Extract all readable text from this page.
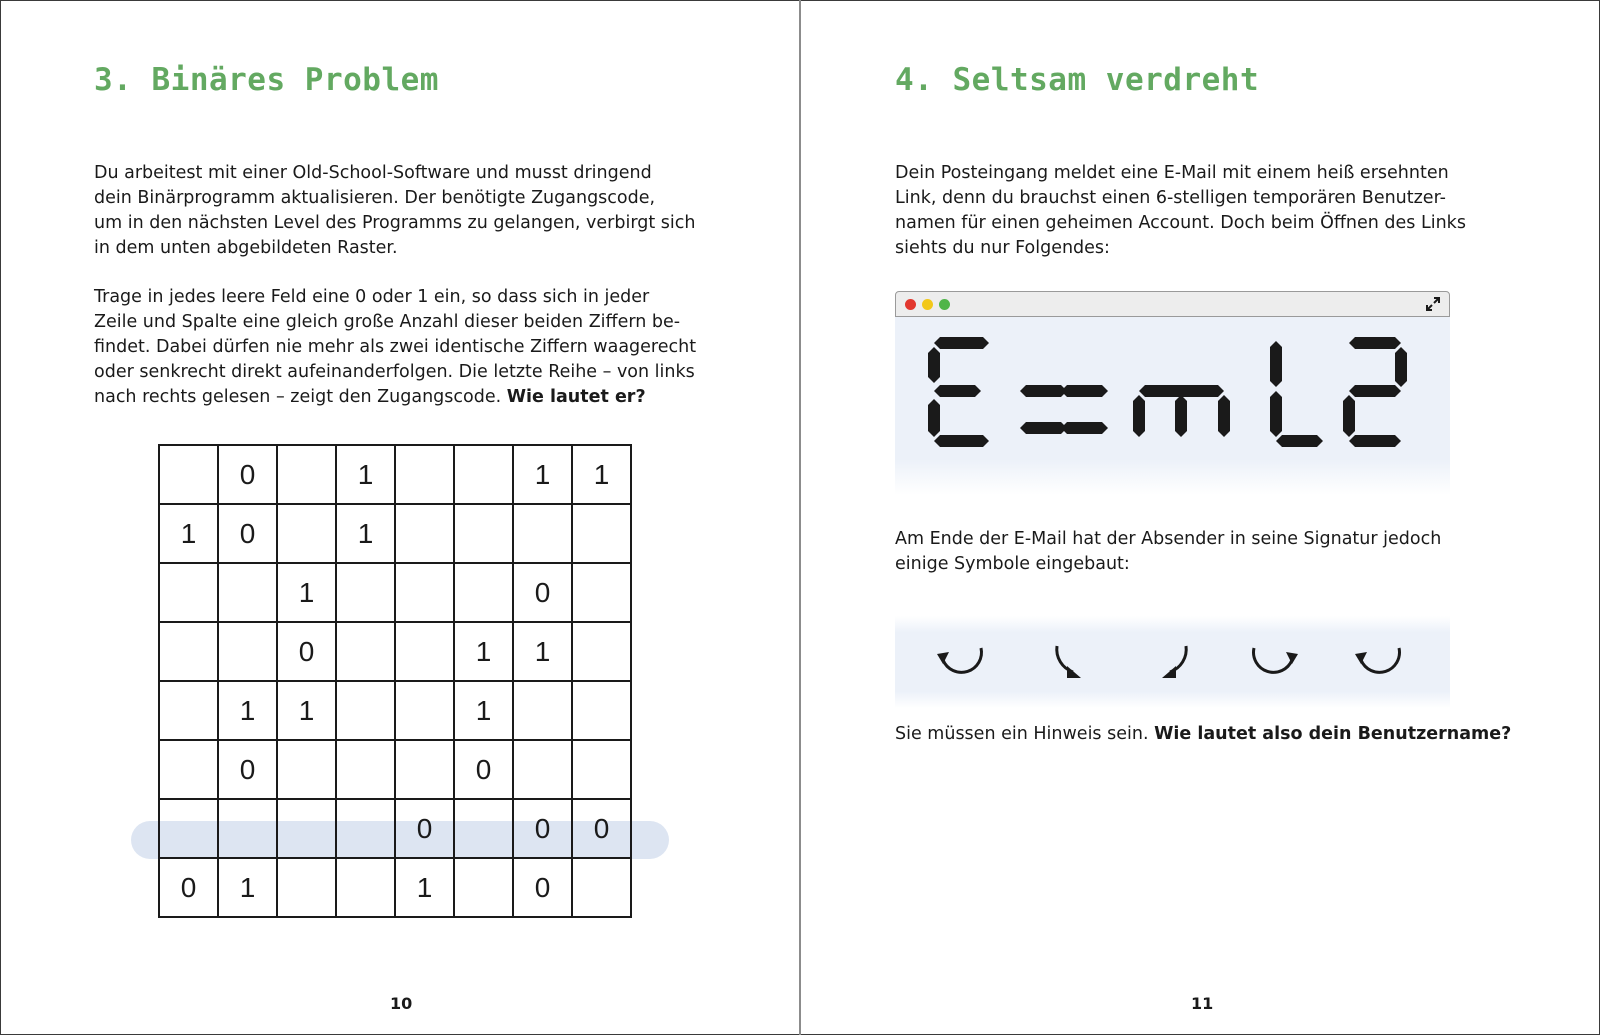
3. Binäres Problem

Du arbeitest mit einer Old-School-Software und musst dringend
dein Binärprogramm aktualisieren. Der benötigte Zugangscode,
um in den nächsten Level des Programms zu gelangen, verbirgt sich
in dem unten abgebildeten Raster.

Trage in jedes leere Feld eine 0 oder 1 ein, so dass sich in jeder
Zeile und Spalte eine gleich große Anzahl dieser beiden Ziffern be-
findet. Dabei dürfen nie mehr als zwei identische Ziffern waagerecht
oder senkrecht direkt aufeinanderfolgen. Die letzte Reihe – von links
nach rechts gelesen – zeigt den Zugangscode. Wie lautet er?

	0		1			1	1
1	0		1				
		1				0	
		0			1	1	
	1	1			1		
	0				0		
				0		0	0
0	1			1		0	
10
4. Seltsam verdreht

Dein Posteingang meldet eine E-Mail mit einem heiß ersehnten
Link, denn du brauchst einen 6-stelligen temporären Benutzer-
namen für einen geheimen Account. Doch beim Öffnen des Links
siehts du nur Folgendes:

Am Ende der E-Mail hat der Absender in seine Signatur jedoch
einige Symbole eingebaut:

Sie müssen ein Hinweis sein. Wie lautet also dein Benutzername?

11
